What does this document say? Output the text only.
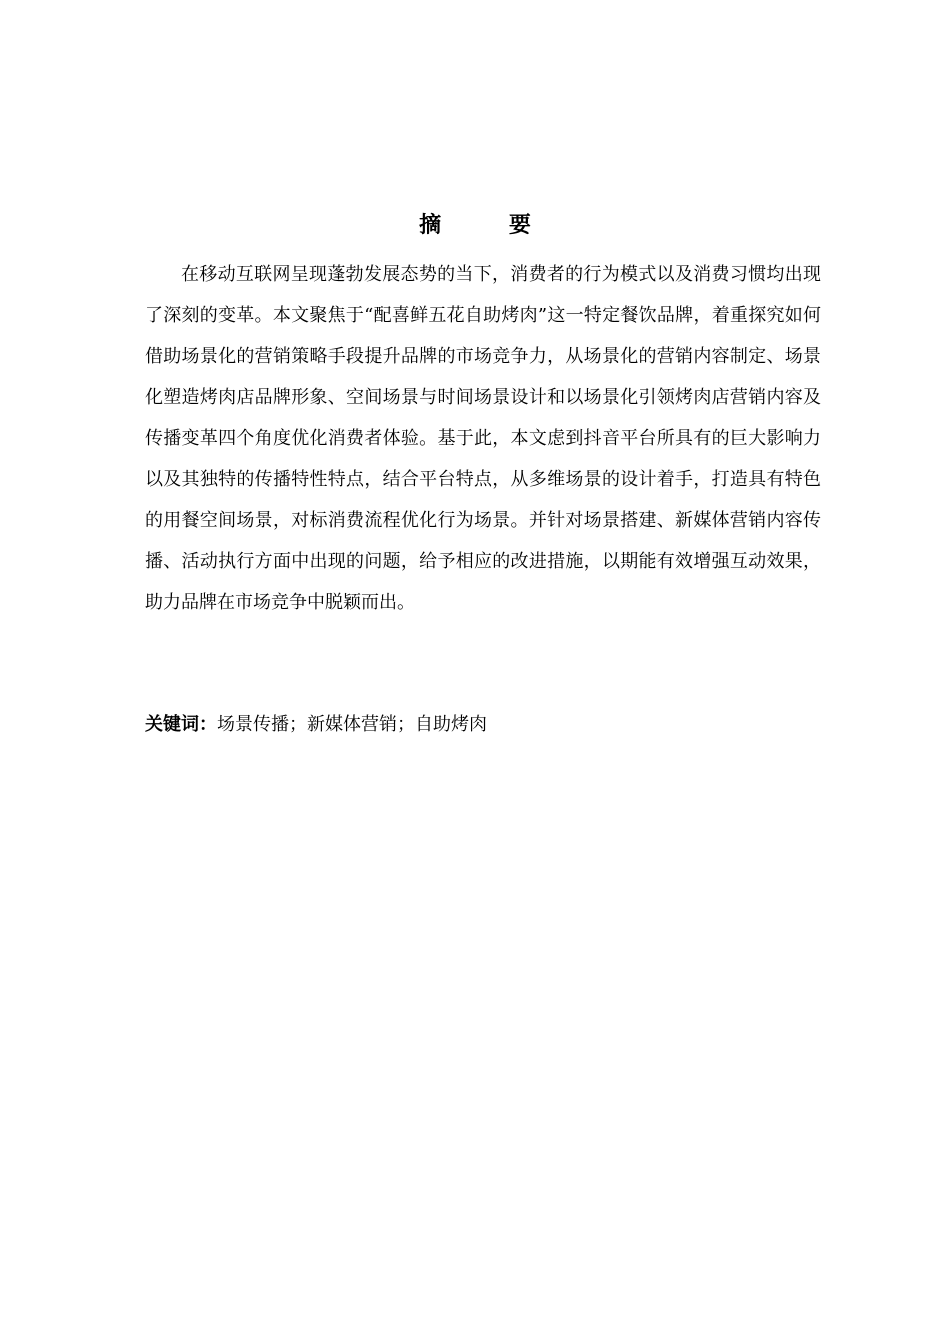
摘 要

在移动互联网呈现蓬勃发展态势的当下，消费者的行为模式以及消费习惯均出现了深刻的变革。本文聚焦于“配喜鲜五花自助烤肉”这一特定餐饮品牌，着重探究如何借助场景化的营销策略手段提升品牌的市场竞争力，从场景化的营销内容制定、场景化塑造烤肉店品牌形象、空间场景与时间场景设计和以场景化引领烤肉店营销内容及传播变革四个角度优化消费者体验。基于此，本文虑到抖音平台所具有的巨大影响力以及其独特的传播特性特点，结合平台特点，从多维场景的设计着手，打造具有特色的用餐空间场景，对标消费流程优化行为场景。并针对场景搭建、新媒体营销内容传播、活动执行方面中出现的问题，给予相应的改进措施，以期能有效增强互动效果，助力品牌在市场竞争中脱颖而出。

关键词：场景传播；新媒体营销；自助烤肉
